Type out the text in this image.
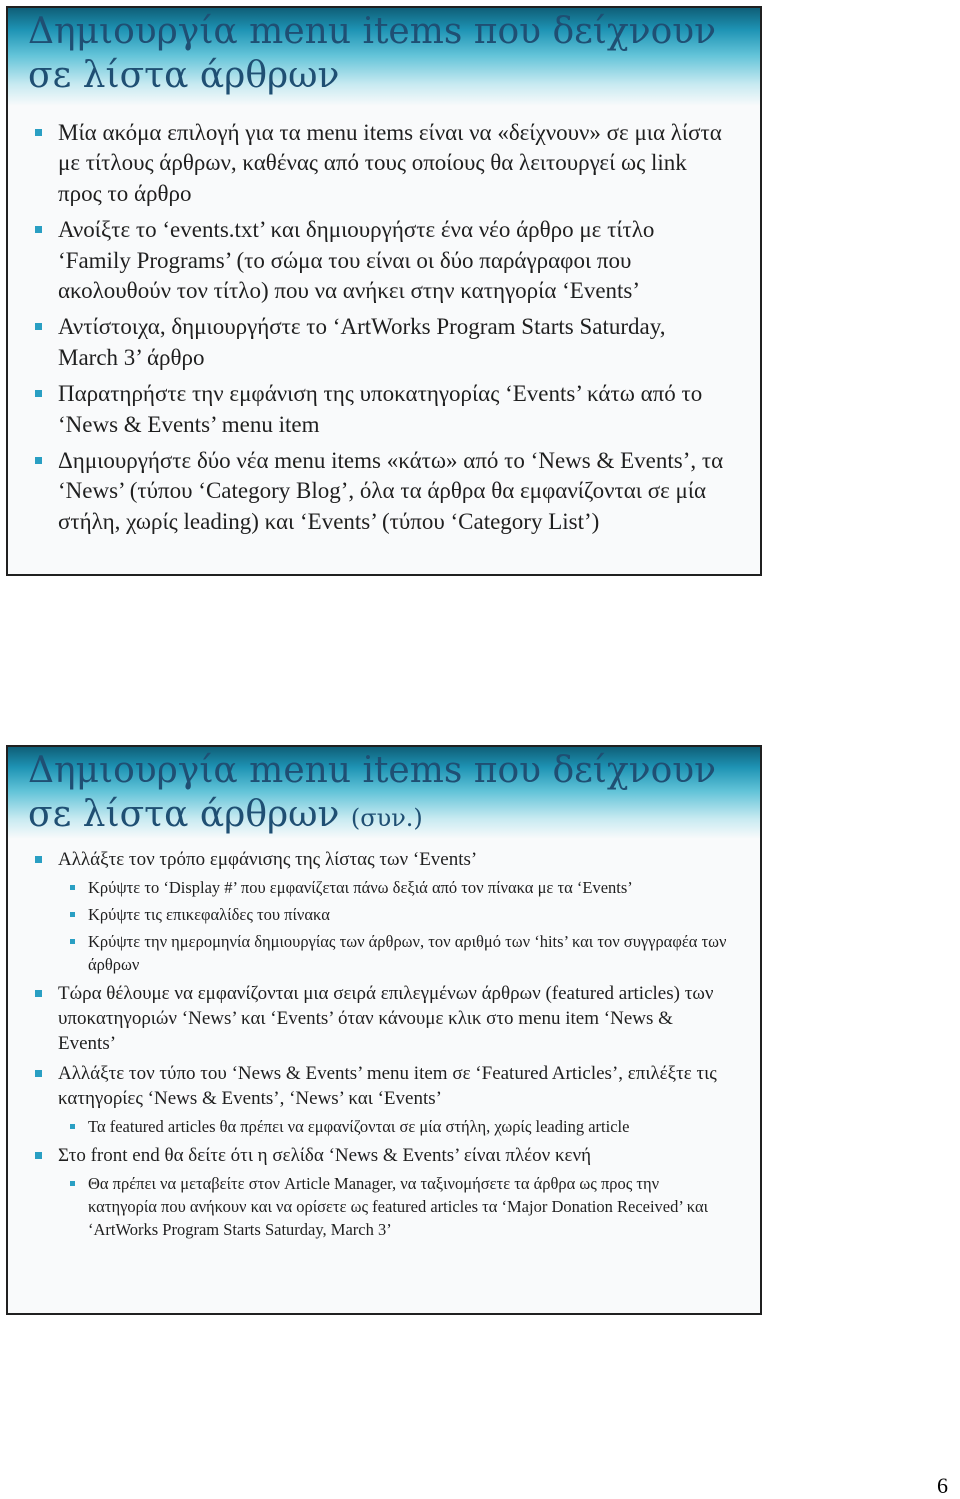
Δημιουργία menu items που δείχνουν σε λίστα άρθρων
Μία ακόμα επιλογή για τα menu items είναι να «δείχνουν» σε μια λίστα με τίτλους άρθρων, καθένας από τους οποίους θα λειτουργεί ως link προς το άρθρο
Ανοίξτε το ‘events.txt’ και δημιουργήστε ένα νέο άρθρο με τίτλο ‘Family Programs’ (το σώμα του είναι οι δύο παράγραφοι που ακολουθούν τον τίτλο) που να ανήκει στην κατηγορία ‘Events’
Αντίστοιχα, δημιουργήστε το ‘ArtWorks Program Starts Saturday, March 3’ άρθρο
Παρατηρήστε την εμφάνιση της υποκατηγορίας ‘Events’ κάτω από το ‘News & Events’ menu item
Δημιουργήστε δύο νέα menu items «κάτω» από το ‘News & Events’, τα ‘News’ (τύπου ‘Category Blog’, όλα τα άρθρα θα εμφανίζονται σε μία στήλη, χωρίς leading) και ‘Events’ (τύπου ‘Category List’)
Δημιουργία menu items που δείχνουν σε λίστα άρθρων (συν.)
Αλλάξτε τον τρόπο εμφάνισης της λίστας των ‘Events’
Κρύψτε το ‘Display #’ που εμφανίζεται πάνω δεξιά από τον πίνακα με τα ‘Events’
Κρύψτε τις επικεφαλίδες του πίνακα
Κρύψτε την ημερομηνία δημιουργίας των άρθρων, τον αριθμό των ‘hits’ και τον συγγραφέα των άρθρων
Τώρα θέλουμε να εμφανίζονται μια σειρά επιλεγμένων άρθρων (featured articles) των υποκατηγοριών ‘News’ και ‘Events’ όταν κάνουμε κλικ στο menu item ‘News & Events’
Αλλάξτε τον τύπο του ‘News & Events’ menu item σε ‘Featured Articles’, επιλέξτε τις κατηγορίες ‘News & Events’, ‘News’ και ‘Events’
Τα featured articles θα πρέπει να εμφανίζονται σε μία στήλη, χωρίς leading article
Στο front end θα δείτε ότι η σελίδα ‘News & Events’ είναι πλέον κενή
Θα πρέπει να μεταβείτε στον Article Manager, να ταξινομήσετε τα άρθρα ως προς την κατηγορία που ανήκουν και να ορίσετε ως featured articles τα ‘Major Donation Received’ και ‘ArtWorks Program Starts Saturday, March 3’
6
